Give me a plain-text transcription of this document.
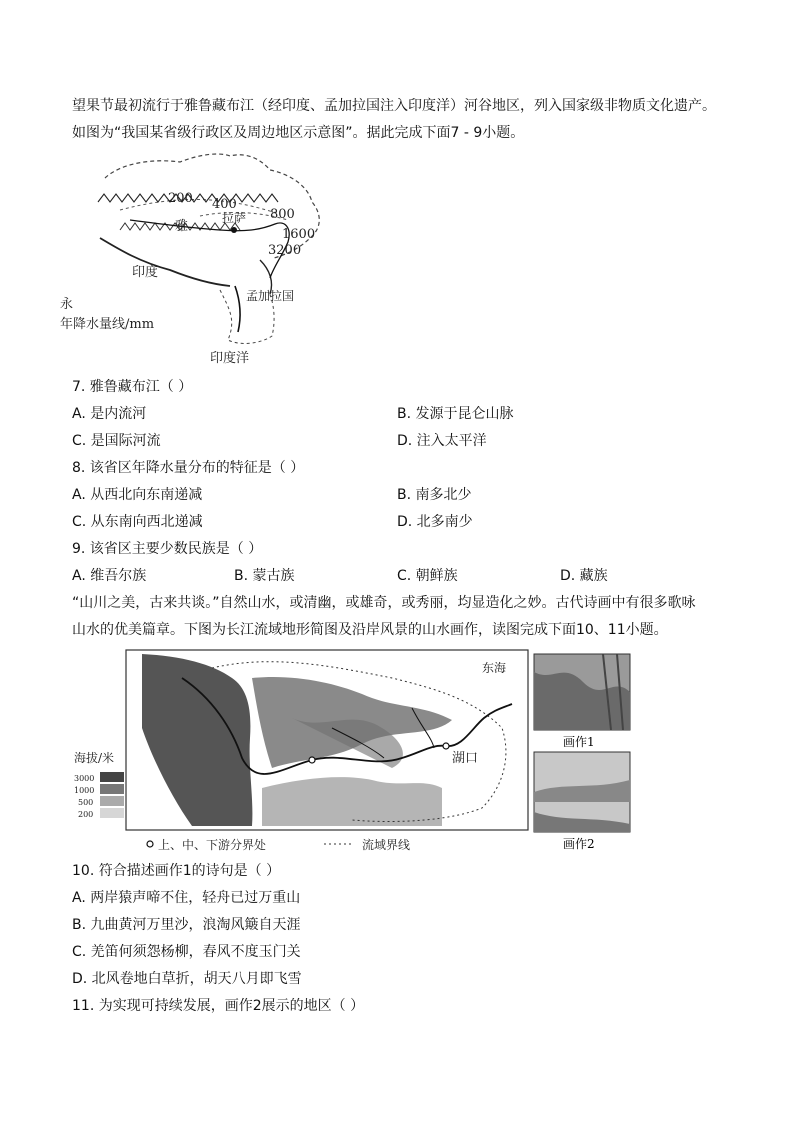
望果节最初流行于雅鲁藏布江（经印度、孟加拉国注入印度洋）河谷地区，列入国家级非物质文化遗产。
如图为“我国某省级行政区及周边地区示意图”。据此完成下面7 - 9小题。
200 400
800
1600
3200
雅
拉萨
印度
孟加拉国
印度洋
永
年降水量线/mm
7. 雅鲁藏布江（ ）
A. 是内流河	B. 发源于昆仑山脉
C. 是国际河流	D. 注入太平洋
8. 该省区年降水量分布的特征是（ ）
A. 从西北向东南递减	B. 南多北少
C. 从东南向西北递减	D. 北多南少
9. 该省区主要少数民族是（ ）
A. 维吾尔族	B. 蒙古族	C. 朝鲜族	D. 藏族
“山川之美，古来共谈。”自然山水，或清幽，或雄奇，或秀丽，均显造化之妙。古代诗画中有很多歌咏
山水的优美篇章。下图为长江流域地形简图及沿岸风景的山水画作，读图完成下面10、11小题。
湖口
东海
海拔/米
3000
1000
500
200
上、中、下游分界处	流域界线
画作1
画作2
10. 符合描述画作1的诗句是（ ）
A. 两岸猿声啼不住，轻舟已过万重山
B. 九曲黄河万里沙，浪淘风簸自天涯
C. 羌笛何须怨杨柳，春风不度玉门关
D. 北风卷地白草折，胡天八月即飞雪
11. 为实现可持续发展，画作2展示的地区（ ）
